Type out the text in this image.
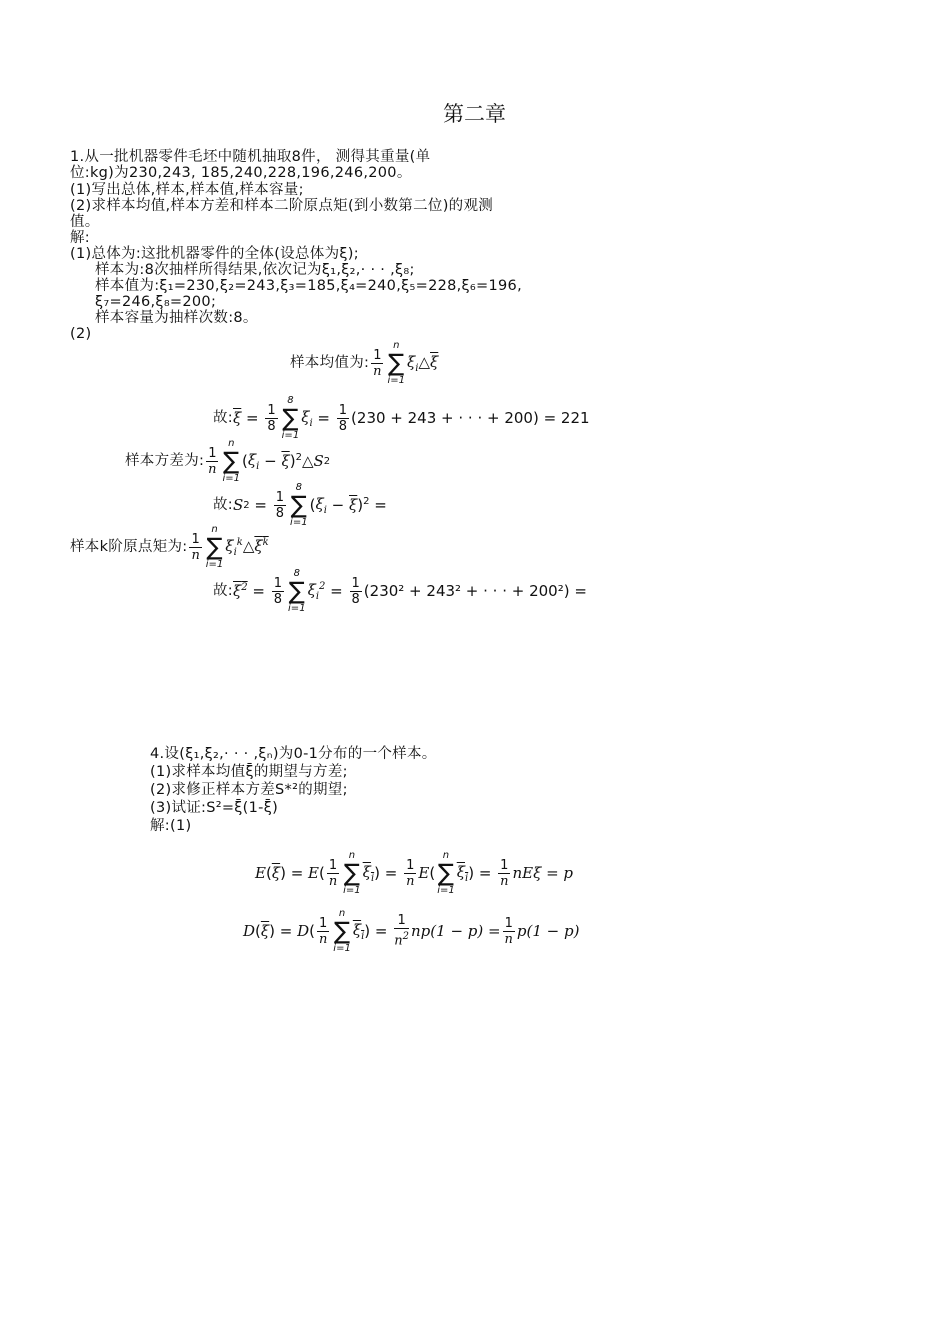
第二章
1.从一批机器零件毛坯中随机抽取8件， 测得其重量(单
位:kg)为230,243, 185,240,228,196,246,200。
(1)写出总体,样本,样本值,样本容量;
(2)求样本均值,样本方差和样本二阶原点矩(到小数第二位)的观测
值。
解:
(1)总体为:这批机器零件的全体(设总体为ξ);
样本为:8次抽样所得结果,依次记为ξ₁,ξ₂,· · · ,ξ₈;
样本值为:ξ₁=230,ξ₂=243,ξ₃=185,ξ₄=240,ξ₅=228,ξ₆=196,
ξ₇=246,ξ₈=200;
样本容量为抽样次数:8。
(2)
样本均值为: $\frac{1}{n}$
n
∑
i=1
$\xi_i\triangle\overline{\xi}$
故: $\overline{\xi} = \frac{1}{8}$
8
∑
i=1
$\xi_i = \frac{1}{8} (230 + 243$ + · · · + 200) = 221
样本方差为: $\frac{1}{n}$
n
∑
i=1
( $\xi_i - \overline{\xi}$ )$^2$△ S 2
故: S $2 = \frac{1}{8}$
8
∑
i=1
( $\xi_i - \overline{\xi}$ )$^2$ =
样本k阶原点矩为: $\frac{1}{n}$
n
∑
i=1
$\xi_i^k\triangle\xi^k$
故: $\xi^2 = \frac{1}{8}$
8
∑
i=1
$\xi_i^2 = \frac{1}{8} (230^2 + 243^2$ + · · · + 200²) =
4.设(ξ₁,ξ₂,· · · ,ξₙ)为0-1分布的一个样本。
(1)求样本均值ξ̄的期望与方差;
(2)求修正样本方差S*²的期望;
(3)试证:S²=ξ̄(1-ξ̄)
解:(1)
E ( $\overline{\xi}$ ) = E ( $\frac{1}{n}$
n
∑
i=1
$\xi_i$ ) = $\frac{1}{n}$ E (
n
∑
i=1
$\xi_i$ ) = $\frac{1}{n}$ nEξ = p
D ( $\overline{\xi}$ ) = D ( $\frac{1}{n}$
n
∑
i=1
$\xi_i$ ) = $\frac{1}{n^2} np(1 - p) = \frac{1}{n} p(1 - p)$
